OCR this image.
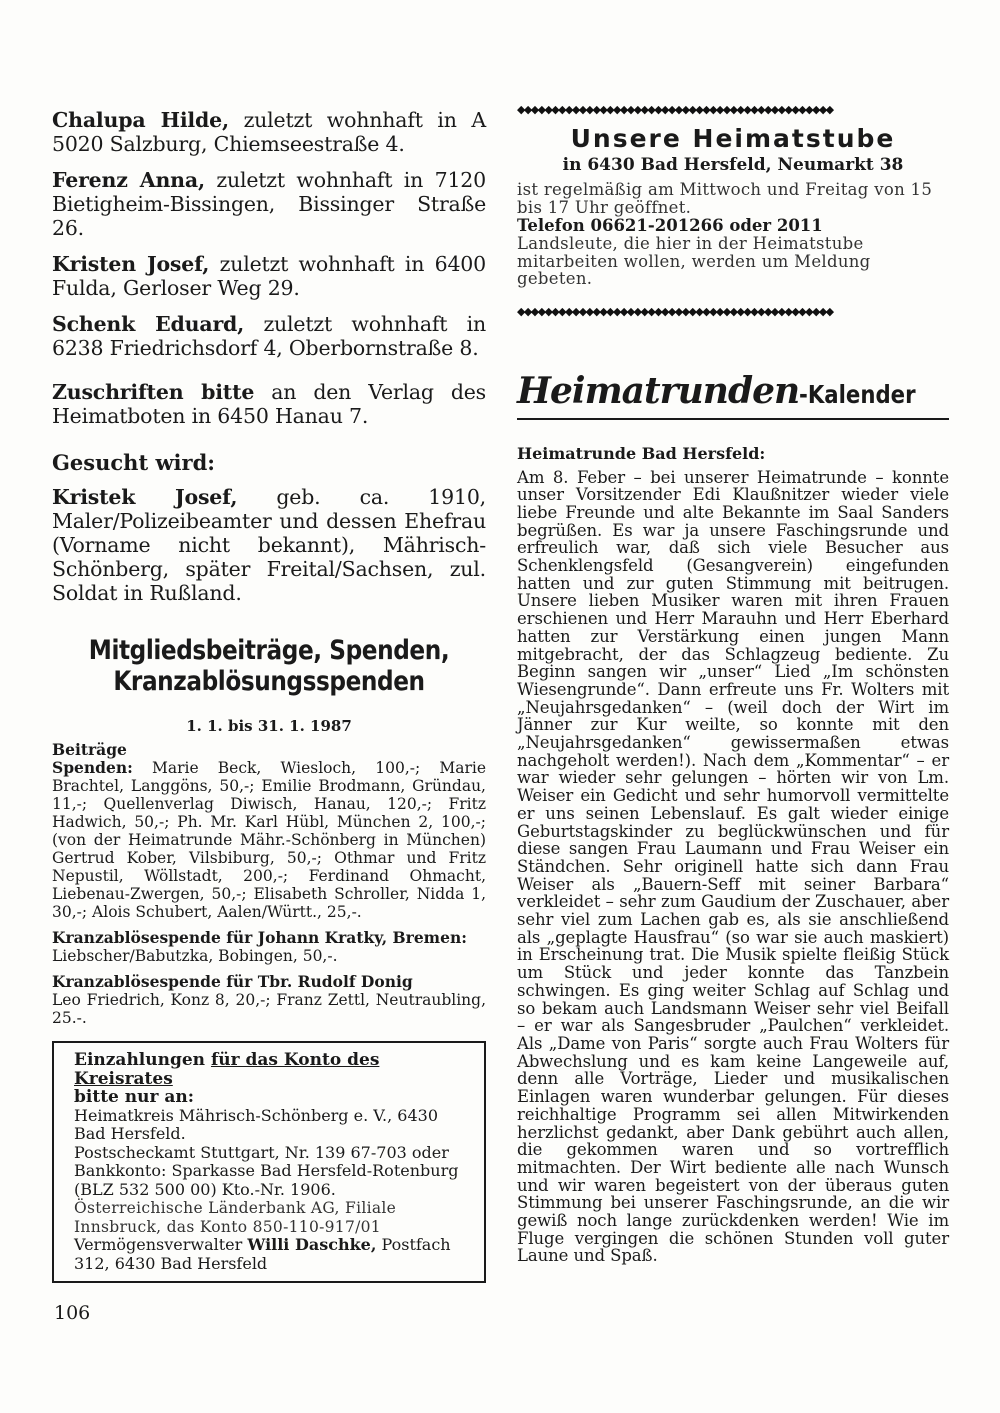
Chalupa Hilde, zuletzt wohnhaft in A 5020 Salzburg, Chiemseestraße 4.

Ferenz Anna, zuletzt wohnhaft in 7120 Bietigheim-Bissingen, Bissinger Straße 26.

Kristen Josef, zuletzt wohnhaft in 6400 Fulda, Gerloser Weg 29.

Schenk Eduard, zuletzt wohnhaft in 6238 Friedrichsdorf 4, Oberbornstraße 8.

Zuschriften bitte an den Verlag des Heimatboten in 6450 Hanau 7.

Gesucht wird:

Kristek Josef, geb. ca. 1910, Maler/Polizeibeamter und dessen Ehefrau (Vorname nicht bekannt), Mährisch-Schönberg, später Freital/Sachsen, zul. Soldat in Rußland.

Mitgliedsbeiträge, Spenden,
Kranzablösungsspenden
1. 1. bis 31. 1. 1987
Beiträge

Spenden: Marie Beck, Wiesloch, 100,-; Marie Brachtel, Langgöns, 50,-; Emilie Brodmann, Gründau, 11,-; Quellenverlag Diwisch, Hanau, 120,-; Fritz Hadwich, 50,-; Ph. Mr. Karl Hübl, München 2, 100,-; (von der Heimatrunde Mähr.-Schönberg in München) Gertrud Kober, Vilsbiburg, 50,-; Othmar und Fritz Nepustil, Wöllstadt, 200,-; Ferdinand Ohmacht, Liebenau-Zwergen, 50,-; Elisabeth Schroller, Nidda 1, 30,-; Alois Schubert, Aalen/Württ., 25,-.

Kranzablösespende für Johann Kratky, Bremen:

Liebscher/Babutzka, Bobingen, 50,-.

Kranzablösespende für Tbr. Rudolf Donig

Leo Friedrich, Konz 8, 20,-; Franz Zettl, Neutraubling, 25.-.

Einzahlungen für das Konto des Kreisrates
bitte nur an:
Heimatkreis Mährisch-Schönberg e. V., 6430 Bad Hersfeld.
Postscheckamt Stuttgart, Nr. 139 67-703 oder Bankkonto: Sparkasse Bad Hersfeld-Rotenburg (BLZ 532 500 00) Kto.-Nr. 1906.
Österreichische Länderbank AG, Filiale Innsbruck, das Konto 850-110-917/01
Vermögensverwalter Willi Daschke, Postfach 312, 6430 Bad Hersfeld
106
◆◆◆◆◆◆◆◆◆◆◆◆◆◆◆◆◆◆◆◆◆◆◆◆◆◆◆◆◆◆◆◆◆◆◆◆◆◆◆◆◆◆◆◆◆◆
Unsere Heimatstube
in 6430 Bad Hersfeld, Neumarkt 38
ist regelmäßig am Mittwoch und Freitag von 15 bis 17 Uhr geöffnet.
Telefon 06621-201266 oder 2011
Landsleute, die hier in der Heimatstube mitarbeiten wollen, werden um Meldung gebeten.
◆◆◆◆◆◆◆◆◆◆◆◆◆◆◆◆◆◆◆◆◆◆◆◆◆◆◆◆◆◆◆◆◆◆◆◆◆◆◆◆◆◆◆◆◆◆
Heimatrunden-Kalender
Heimatrunde Bad Hersfeld:
Am 8. Feber – bei unserer Heimatrunde – konnte unser Vorsitzender Edi Klaußnitzer wieder viele liebe Freunde und alte Bekannte im Saal Sanders begrüßen. Es war ja unsere Faschingsrunde und erfreulich war, daß sich viele Besucher aus Schenklengsfeld (Gesangverein) eingefunden hatten und zur guten Stimmung mit beitrugen. Unsere lieben Musiker waren mit ihren Frauen erschienen und Herr Marauhn und Herr Eberhard hatten zur Verstärkung einen jungen Mann mitgebracht, der das Schlagzeug bediente. Zu Beginn sangen wir „unser“ Lied „Im schönsten Wiesengrunde“. Dann erfreute uns Fr. Wolters mit „Neujahrsgedanken“ – (weil doch der Wirt im Jänner zur Kur weilte, so konnte mit den „Neujahrsgedanken“ gewissermaßen etwas nachgeholt werden!). Nach dem „Kommentar“ – er war wieder sehr gelungen – hörten wir von Lm. Weiser ein Gedicht und sehr humorvoll vermittelte er uns seinen Lebenslauf. Es galt wieder einige Geburtstagskinder zu beglückwünschen und für diese sangen Frau Laumann und Frau Weiser ein Ständchen. Sehr originell hatte sich dann Frau Weiser als „Bauern-Seff mit seiner Barbara“ verkleidet – sehr zum Gaudium der Zuschauer, aber sehr viel zum Lachen gab es, als sie anschließend als „geplagte Hausfrau“ (so war sie auch maskiert) in Erscheinung trat. Die Musik spielte fleißig Stück um Stück und jeder konnte das Tanzbein schwingen. Es ging weiter Schlag auf Schlag und so bekam auch Landsmann Weiser sehr viel Beifall – er war als Sangesbruder „Paulchen“ verkleidet. Als „Dame von Paris“ sorgte auch Frau Wolters für Abwechslung und es kam keine Langeweile auf, denn alle Vorträge, Lieder und musikalischen Einlagen waren wunderbar gelungen. Für dieses reichhaltige Programm sei allen Mitwirkenden herzlichst gedankt, aber Dank gebührt auch allen, die gekommen waren und so vortrefflich mitmachten. Der Wirt bediente alle nach Wunsch und wir waren begeistert von der überaus guten Stimmung bei unserer Faschingsrunde, an die wir gewiß noch lange zurückdenken werden! Wie im Fluge vergingen die schönen Stunden voll guter Laune und Spaß.
